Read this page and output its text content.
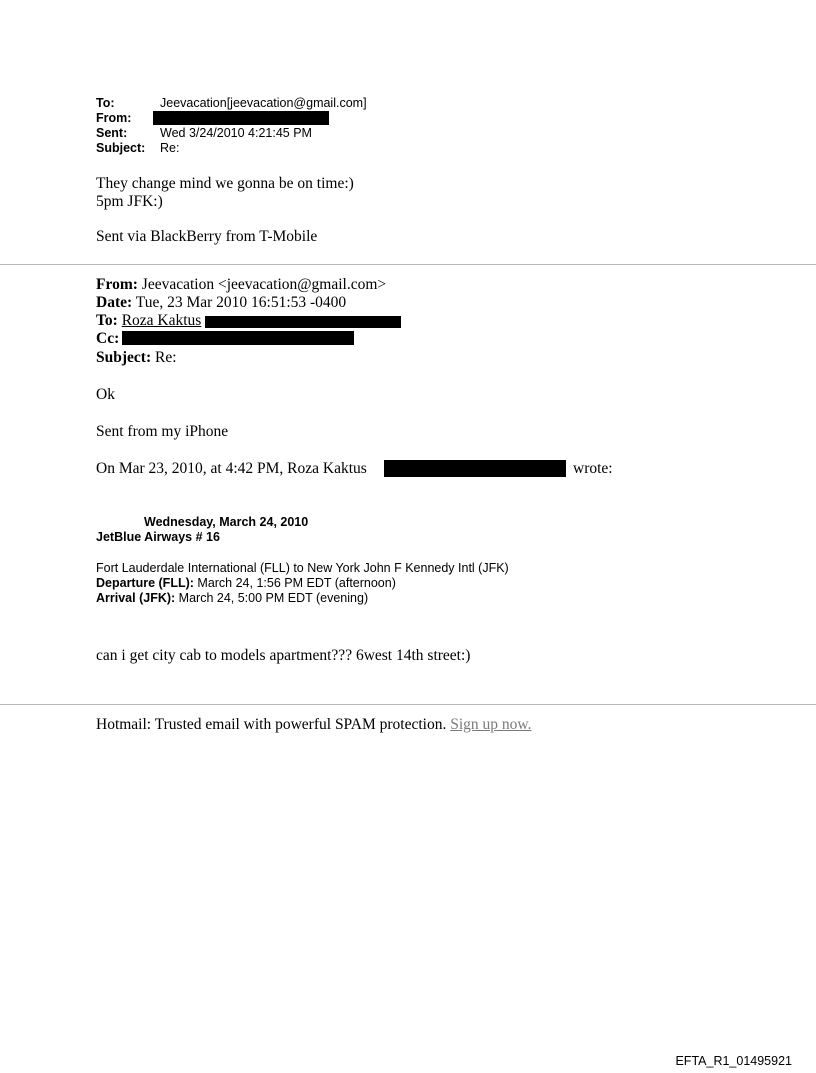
To:	Jeevacation[jeevacation@gmail.com]
From:
Sent:	Wed 3/24/2010 4:21:45 PM
Subject: Re:
They change mind we gonna be on time:)
5pm JFK:)
Sent via BlackBerry from T-Mobile
From: Jeevacation <jeevacation@gmail.com>
Date: Tue, 23 Mar 2010 16:51:53 -0400
To: Roza Kaktus
Cc:
Subject: Re:
Ok
Sent from my iPhone
On Mar 23, 2010, at 4:42 PM, Roza Kaktus	wrote:
Wednesday, March 24, 2010
JetBlue Airways # 16
Fort Lauderdale International (FLL) to New York John F Kennedy Intl (JFK)
Departure (FLL): March 24, 1:56 PM EDT (afternoon)
Arrival (JFK): March 24, 5:00 PM EDT (evening)
can i get city cab to models apartment??? 6west 14th street:)
Hotmail: Trusted email with powerful SPAM protection. Sign up now.
EFTA_R1_01495921
